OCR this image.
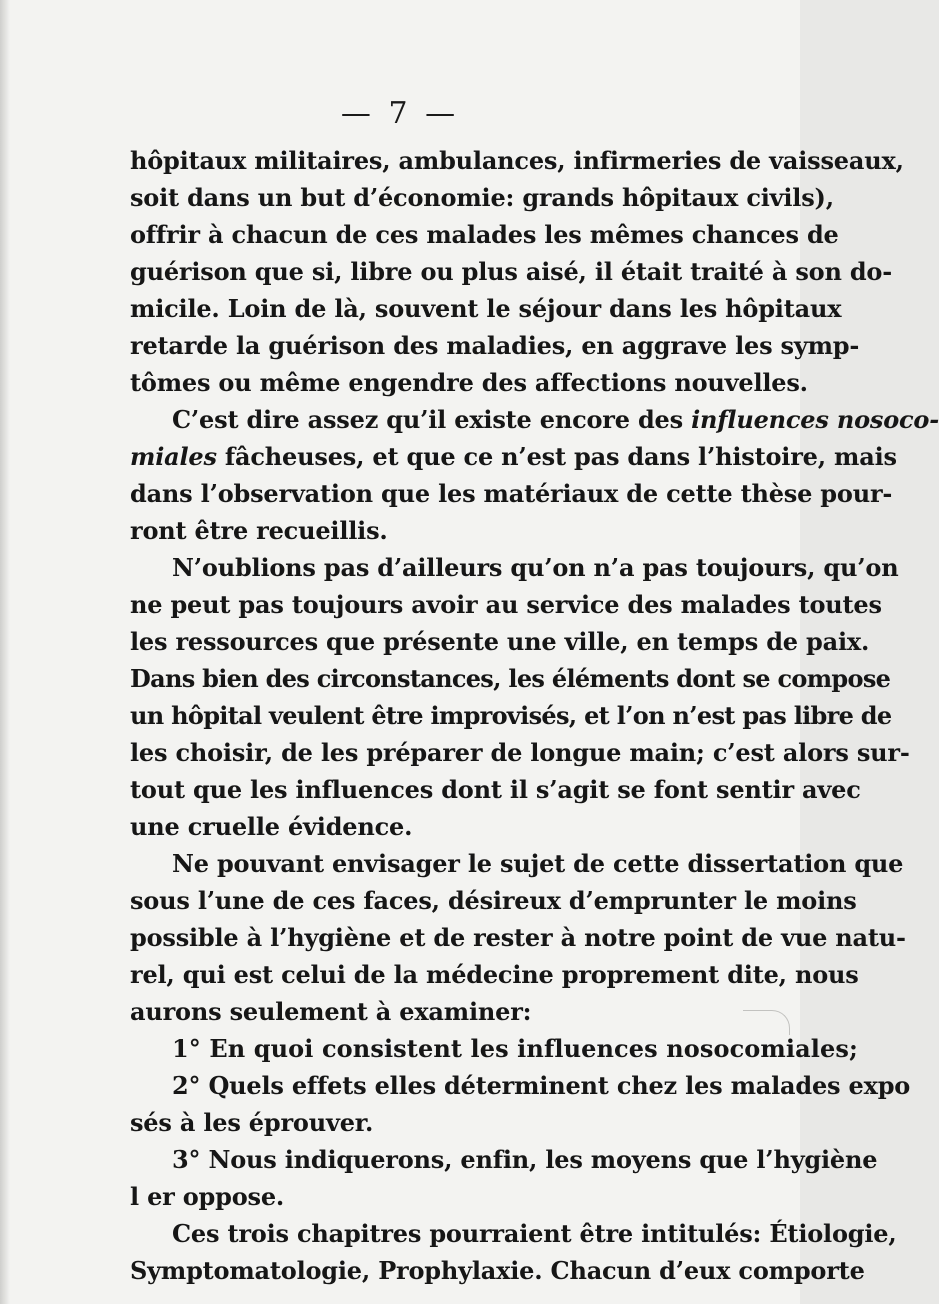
— 7 —
hôpitaux militaires, ambulances, infirmeries de vaisseaux,
soit dans un but d’économie: grands hôpitaux civils),
offrir à chacun de ces malades les mêmes chances de
guérison que si, libre ou plus aisé, il était traité à son do-
micile. Loin de là, souvent le séjour dans les hôpitaux
retarde la guérison des maladies, en aggrave les symp-
tômes ou même engendre des affections nouvelles.
C’est dire assez qu’il existe encore des influences nosoco-
miales fâcheuses, et que ce n’est pas dans l’histoire, mais
dans l’observation que les matériaux de cette thèse pour-
ront être recueillis.
N’oublions pas d’ailleurs qu’on n’a pas toujours, qu’on
ne peut pas toujours avoir au service des malades toutes
les ressources que présente une ville, en temps de paix.
Dans bien des circonstances, les éléments dont se compose
un hôpital veulent être improvisés, et l’on n’est pas libre de
les choisir, de les préparer de longue main; c’est alors sur-
tout que les influences dont il s’agit se font sentir avec
une cruelle évidence.
Ne pouvant envisager le sujet de cette dissertation que
sous l’une de ces faces, désireux d’emprunter le moins
possible à l’hygiène et de rester à notre point de vue natu-
rel, qui est celui de la médecine proprement dite, nous
aurons seulement à examiner:
1° En quoi consistent les influences nosocomiales;
2° Quels effets elles déterminent chez les malades expo
sés à les éprouver.
3° Nous indiquerons, enfin, les moyens que l’hygiène
l er oppose.
Ces trois chapitres pourraient être intitulés: Étiologie,
Symptomatologie, Prophylaxie. Chacun d’eux comporte
